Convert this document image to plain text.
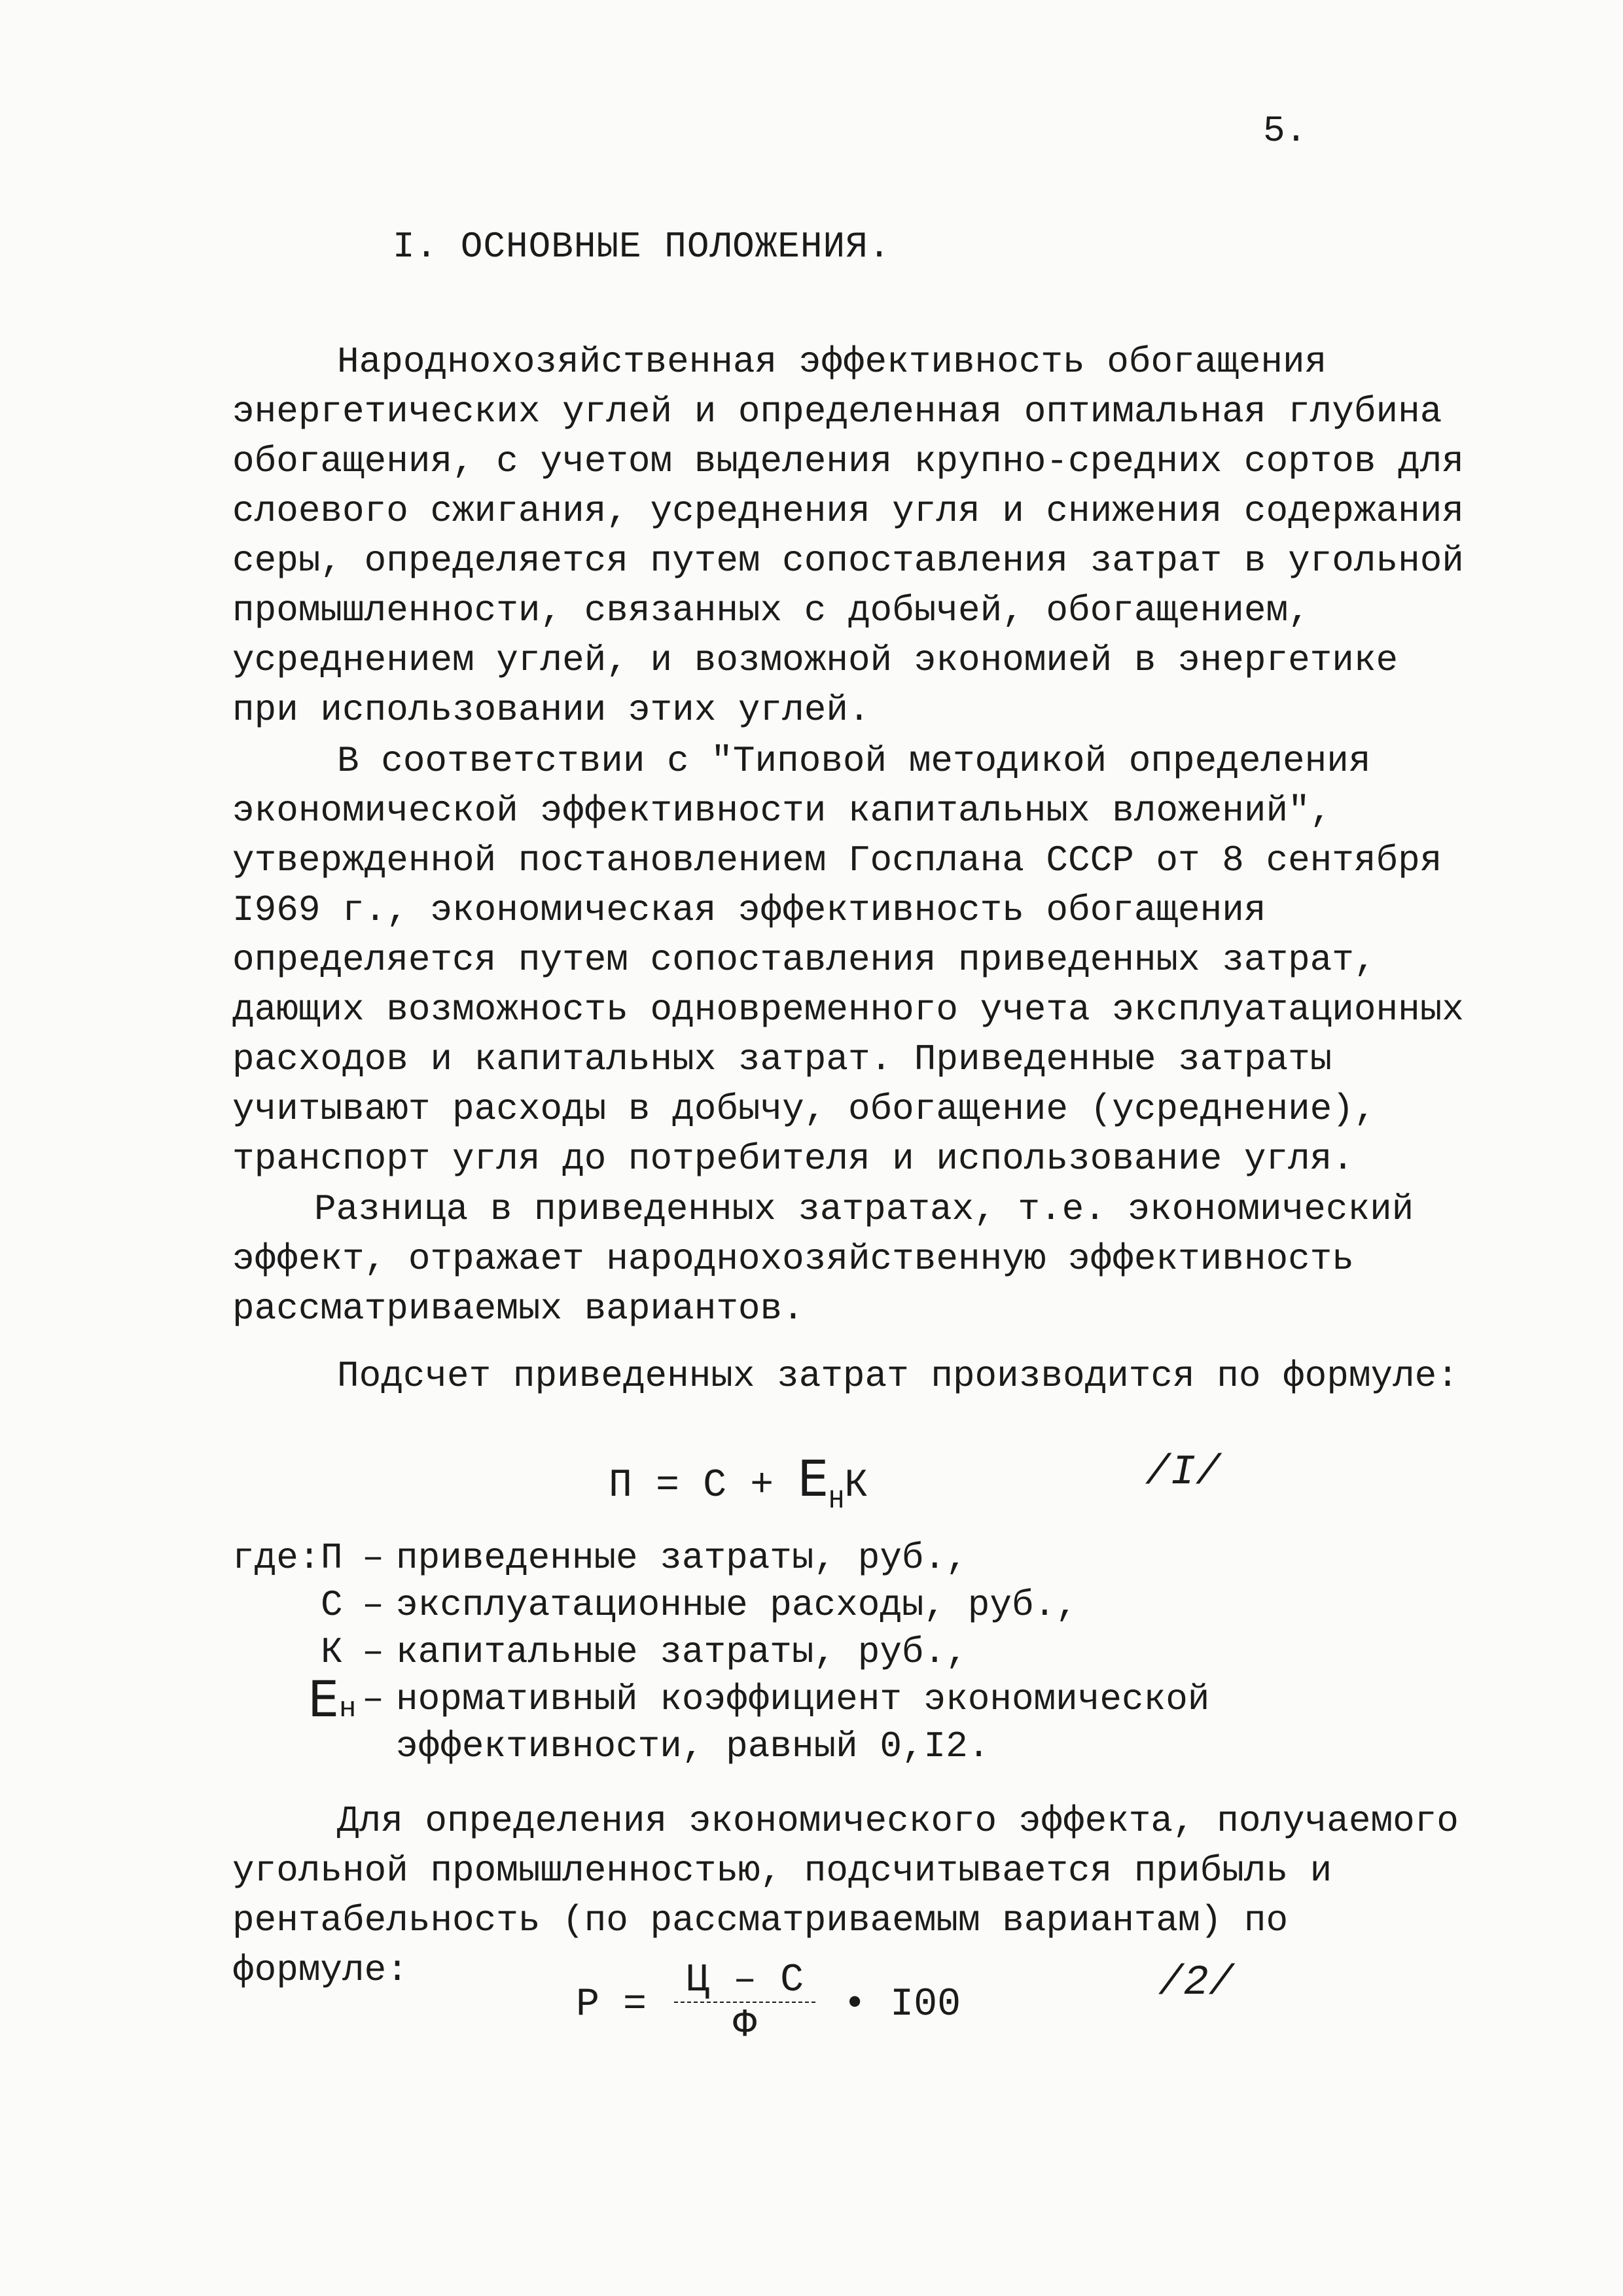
5.
I. ОСНОВНЫЕ ПОЛОЖЕНИЯ.

Народнохозяйственная эффективность обогащения энергетических углей и определенная оптимальная глубина обогащения, с учетом выделения крупно-средних сортов для слоевого сжигания, усреднения угля и снижения содержания серы, определяется путем сопоставления затрат в угольной промышленности, связанных с добычей, обогащением, усреднением углей, и возможной экономией в энергетике при использовании этих углей.

В соответствии с "Типовой методикой определения экономической эффективности капитальных вложений", утвержденной постановлением Госплана СССР от 8 сентября I969 г., экономическая эффективность обогащения определяется путем сопоставления приведенных затрат, дающих возможность одновременного учета эксплуатационных расходов и капитальных затрат. Приведенные затраты учитывают расходы в добычу, обогащение (усреднение), транспорт угля до потребителя и использование угля.

Разница в приведенных затратах, т.е. экономический эффект, отражает народнохозяйственную эффективность рассматриваемых вариантов.

Подсчет приведенных затрат производится по формуле:

$П = С + Е_НК$	/I/
где: П – приведенные затраты, руб.,
С – эксплуатационные расходы, руб.,
К – капитальные затраты, руб.,
Ен – нормативный коэффициент экономической эффективности, равный 0,I2.

Для определения экономического эффекта, получаемого угольной промышленностью, подсчитывается прибыль и рентабельность (по рассматриваемым вариантам) по формуле:

$Р = \frac{Ц - С}{Ф}$ • I00	/2/
